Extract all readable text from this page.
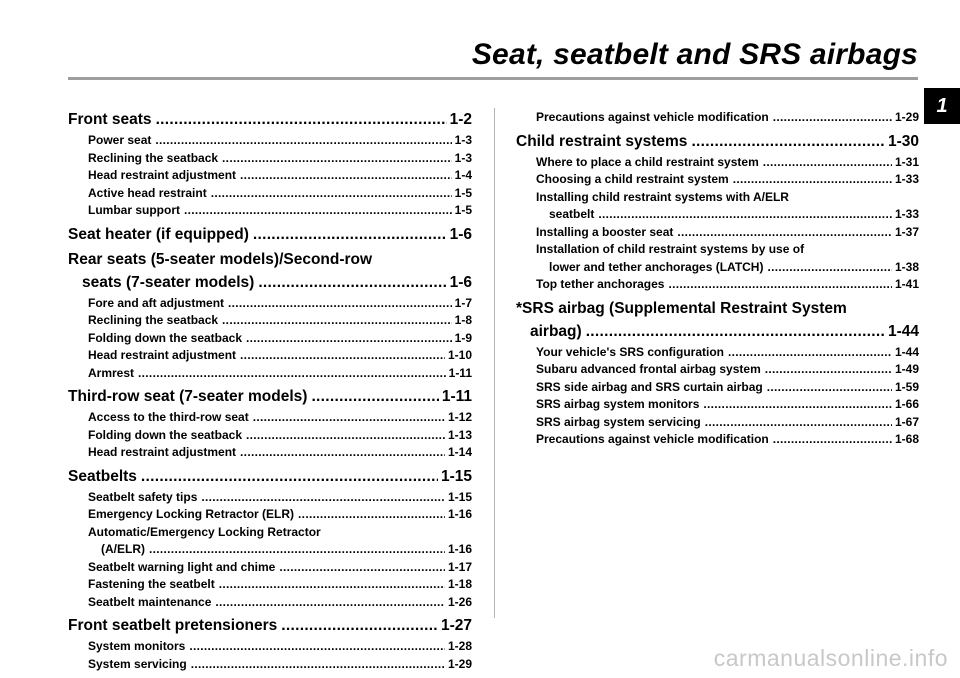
Seat, seatbelt and SRS airbags
1
Front seats .....	1-2
Power seat .....	1-3
Reclining the seatback .....	1-3
Head restraint adjustment .....	1-4
Active head restraint .....	1-5
Lumbar support .....	1-5
Seat heater (if equipped) .....	1-6
Rear seats (5-seater models)/Second-row
seats (7-seater models) .....	1-6
Fore and aft adjustment .....	1-7
Reclining the seatback .....	1-8
Folding down the seatback .....	1-9
Head restraint adjustment .....	1-10
Armrest .....	1-11
Third-row seat (7-seater models) .....	1-11
Access to the third-row seat .....	1-12
Folding down the seatback .....	1-13
Head restraint adjustment .....	1-14
Seatbelts .....	1-15
Seatbelt safety tips .....	1-15
Emergency Locking Retractor (ELR) .....	1-16
Automatic/Emergency Locking Retractor
(A/ELR) .....	1-16
Seatbelt warning light and chime .....	1-17
Fastening the seatbelt .....	1-18
Seatbelt maintenance .....	1-26
Front seatbelt pretensioners .....	1-27
System monitors .....	1-28
System servicing .....	1-29
Precautions against vehicle modification .....	1-29
Child restraint systems .....	1-30
Where to place a child restraint system .....	1-31
Choosing a child restraint system .....	1-33
Installing child restraint systems with A/ELR
seatbelt .....	1-33
Installing a booster seat .....	1-37
Installation of child restraint systems by use of
lower and tether anchorages (LATCH) .....	1-38
Top tether anchorages .....	1-41
*SRS airbag (Supplemental Restraint System
airbag) .....	1-44
Your vehicle's SRS configuration .....	1-44
Subaru advanced frontal airbag system .....	1-49
SRS side airbag and SRS curtain airbag .....	1-59
SRS airbag system monitors .....	1-66
SRS airbag system servicing .....	1-67
Precautions against vehicle modification .....	1-68
carmanualsonline.info
